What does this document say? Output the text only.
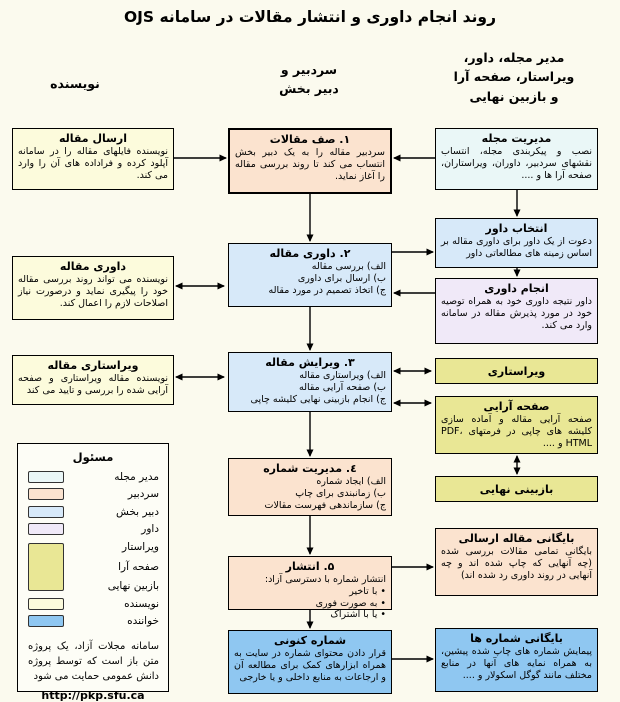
روند انجام داوری و انتشار مقالات در سامانه OJS
مدیر مجله، داور،
ویراستار، صفحه آرا
و بازبین نهایی
سردبیر و
دبیر بخش
نویسنده
ارسال مقاله
نویسنده فایلهای مقاله را در سامانه آپلود کرده و فراداده های آن را وارد می کند.
داوری مقاله
نویسنده می تواند روند بررسی مقاله خود را پیگیری نماید و درصورت نیاز اصلاحات لازم را اعمال کند.
ویراستاری مقاله
نویسنده مقاله ویراستاری و صفحه آرایی شده را بررسی و تایید می کند
۱. صف مقالات
سردبیر مقاله را به یک دبیر بخش انتساب می کند تا روند بررسی مقاله را آغاز نماید.
۲. داوری مقاله
الف) بررسی مقاله
ب) ارسال برای داوری
ج) اتخاذ تصمیم در مورد مقاله
۳. ویرایش مقاله
الف) ویراستاری مقاله
ب) صفحه آرایی مقاله
ج) انجام بازبینی نهایی کلیشه چاپی
٤. مدیریت شماره
الف) ایجاد شماره
ب) زمانبندی برای چاپ
ج) سازماندهی فهرست مقالات
۵. انتشار
انتشار شماره با دسترسی آزاد:
• با تاخیر
• به صورت فوری
• یا با اشتراک
شماره کنونی
قرار دادن محتوای شماره در سایت به همراه ابزارهای کمک برای مطالعه آن و ارجاعات به منابع داخلی و یا خارجی
مدیریت مجله
نصب و پیکربندی مجله، انتساب نقشهای سردبیر، داوران، ویراستاران، صفحه آرا ها و ....
انتخاب داور
دعوت از یک داور برای داوری مقاله بر اساس زمینه های مطالعاتی داور
انجام داوری
داور نتیجه داوری خود به همراه توصیه خود در مورد پذیرش مقاله در سامانه وارد می کند.
ویراستاری
صفحه آرایی
صفحه آرایی مقاله و آماده سازی کلیشه های چاپی در فرمتهای PDF، HTML و ....
بازبینی نهایی
بایگانی مقاله ارسالی
بایگانی تمامی مقالات بررسی شده (چه آنهایی که چاپ شده اند و چه آنهایی در روند داوری رد شده اند)
بایگانی شماره ها
پیمایش شماره های چاپ شده پیشین، به همراه نمایه های آنها در منابع مختلف مانند گوگل اسکولار و ....
مسئول
مدیر مجله
سردبیر
دبیر بخش
داور
ویراستار
صفحه آرا
بازبین نهایی
نویسنده
خواننده
سامانه مجلات آزاد، یک پروژه متن باز است که توسط پروژه دانش عمومی حمایت می شود
http://pkp.sfu.ca
